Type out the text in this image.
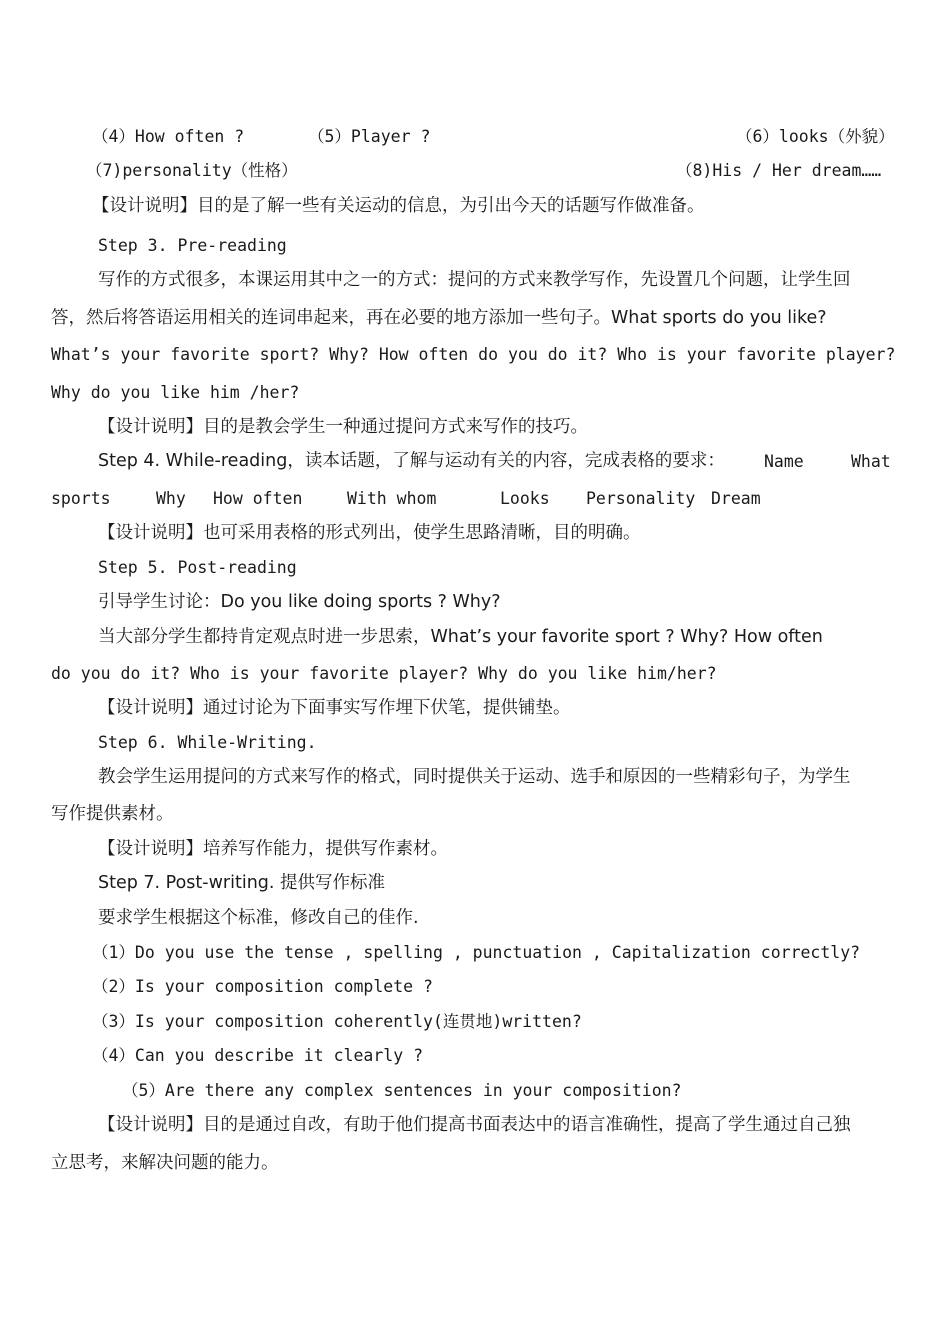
（4）How often ?	（5）Player ?	（6）looks（外貌）
（7)personality（性格）	（8)His / Her dream……
【设计说明】目的是了解一些有关运动的信息，为引出今天的话题写作做准备。
Step 3. Pre-reading
写作的方式很多，本课运用其中之一的方式：提问的方式来教学写作，先设置几个问题，让学生回
答，然后将答语运用相关的连词串起来，再在必要的地方添加一些句子。What sports do you like?
What’s your favorite sport? Why? How often do you do it? Who is your favorite player?
Why do you like him /her?
【设计说明】目的是教会学生一种通过提问方式来写作的技巧。
Step 4. While-reading，读本话题，了解与运动有关的内容，完成表格的要求： Name	What
sports	Why How often	With whom	Looks Personality Dream
【设计说明】也可采用表格的形式列出，使学生思路清晰，目的明确。
Step 5. Post-reading
引导学生讨论：Do you like doing sports ? Why?
当大部分学生都持肯定观点时进一步思索，What’s your favorite sport ? Why? How often
do you do it? Who is your favorite player? Why do you like him/her?
【设计说明】通过讨论为下面事实写作埋下伏笔，提供铺垫。
Step 6. While-Writing.
教会学生运用提问的方式来写作的格式，同时提供关于运动、选手和原因的一些精彩句子，为学生
写作提供素材。
【设计说明】培养写作能力，提供写作素材。
Step 7. Post-writing. 提供写作标准
要求学生根据这个标准，修改自己的佳作.
（1）Do you use the tense , spelling , punctuation , Capitalization correctly?
（2）Is your composition complete ?
（3）Is your composition coherently(连贯地)written?
（4）Can you describe it clearly ?
（5）Are there any complex sentences in your composition?
【设计说明】目的是通过自改，有助于他们提高书面表达中的语言准确性，提高了学生通过自己独
立思考，来解决问题的能力。
